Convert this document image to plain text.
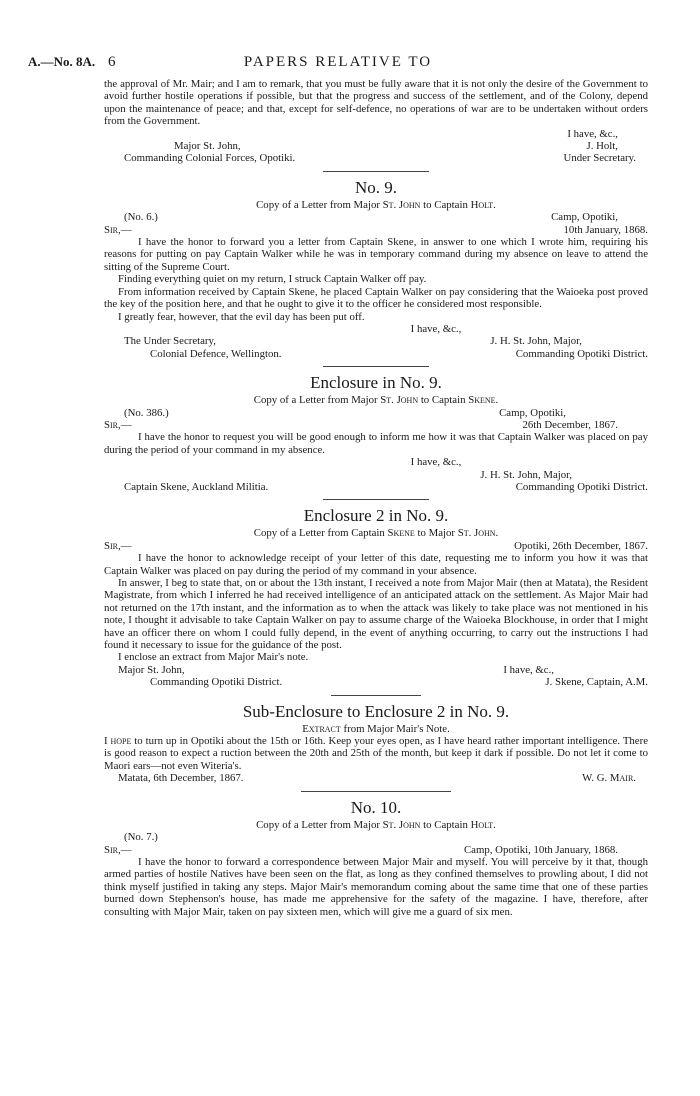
A.—No. 8A. 6	PAPERS RELATIVE TO

the approval of Mr. Mair; and I am to remark, that you must be fully aware that it is not only the desire of the Government to avoid further hostile operations if possible, but that the progress and success of the settlement, and of the Colony, depend upon the maintenance of peace; and that, except for self-defence, no operations of war are to be undertaken without orders from the Government.

I have, &c.,

Major St. John,	J. Holt,
Commanding Colonial Forces, Opotiki.	Under Secretary.
No. 9.
Copy of a Letter from Major St. John to Captain Holt.
(No. 6.)	Camp, Opotiki,
Sir,—	10th January, 1868.

I have the honor to forward you a letter from Captain Skene, in answer to one which I wrote him, requiring his reasons for putting on pay Captain Walker while he was in temporary command during my absence on leave to attend the sitting of the Supreme Court.

Finding everything quiet on my return, I struck Captain Walker off pay.

From information received by Captain Skene, he placed Captain Walker on pay considering that the Waioeka post proved the key of the position here, and that he ought to give it to the officer he considered most responsible.

I greatly fear, however, that the evil day has been put off.

I have, &c.,

The Under Secretary,	J. H. St. John, Major,
Colonial Defence, Wellington.	Commanding Opotiki District.
Enclosure in No. 9.
Copy of a Letter from Major St. John to Captain Skene.
(No. 386.)	Camp, Opotiki,
Sir,—	26th December, 1867.

I have the honor to request you will be good enough to inform me how it was that Captain Walker was placed on pay during the period of your command in my absence.

I have, &c.,

J. H. St. John, Major,

Captain Skene, Auckland Militia.	Commanding Opotiki District.
Enclosure 2 in No. 9.
Copy of a Letter from Captain Skene to Major St. John.
Sir,—	Opotiki, 26th December, 1867.

I have the honor to acknowledge receipt of your letter of this date, requesting me to inform you how it was that Captain Walker was placed on pay during the period of my command in your absence.

In answer, I beg to state that, on or about the 13th instant, I received a note from Major Mair (then at Matata), the Resident Magistrate, from which I inferred he had received intelligence of an anticipated attack on the settlement. As Major Mair had not returned on the 17th instant, and the information as to when the attack was likely to take place was not mentioned in his note, I thought it advisable to take Captain Walker on pay to assume charge of the Waioeka Blockhouse, in order that I might have an officer there on whom I could fully depend, in the event of anything occurring, to carry out the instructions I had found it necessary to issue for the guidance of the post.

I enclose an extract from Major Mair's note.

Major St. John,	I have, &c.,
Commanding Opotiki District.	J. Skene, Captain, A.M.
Sub-Enclosure to Enclosure 2 in No. 9.
Extract from Major Mair's Note.

I hope to turn up in Opotiki about the 15th or 16th. Keep your eyes open, as I have heard rather important intelligence. There is good reason to expect a ruction between the 20th and 25th of the month, but keep it dark if possible. Do not let it come to Maori ears—not even Witeria's.

Matata, 6th December, 1867.	W. G. Mair.
No. 10.
Copy of a Letter from Major St. John to Captain Holt.

(No. 7.)

Sir,—	Camp, Opotiki, 10th January, 1868.

I have the honor to forward a correspondence between Major Mair and myself. You will perceive by it that, though armed parties of hostile Natives have been seen on the flat, as long as they confined themselves to prowling about, I did not think myself justified in taking any steps. Major Mair's memorandum coming about the same time that one of these parties burned down Stephenson's house, has made me apprehensive for the safety of the magazine. I have, therefore, after consulting with Major Mair, taken on pay sixteen men, which will give me a guard of six men.
